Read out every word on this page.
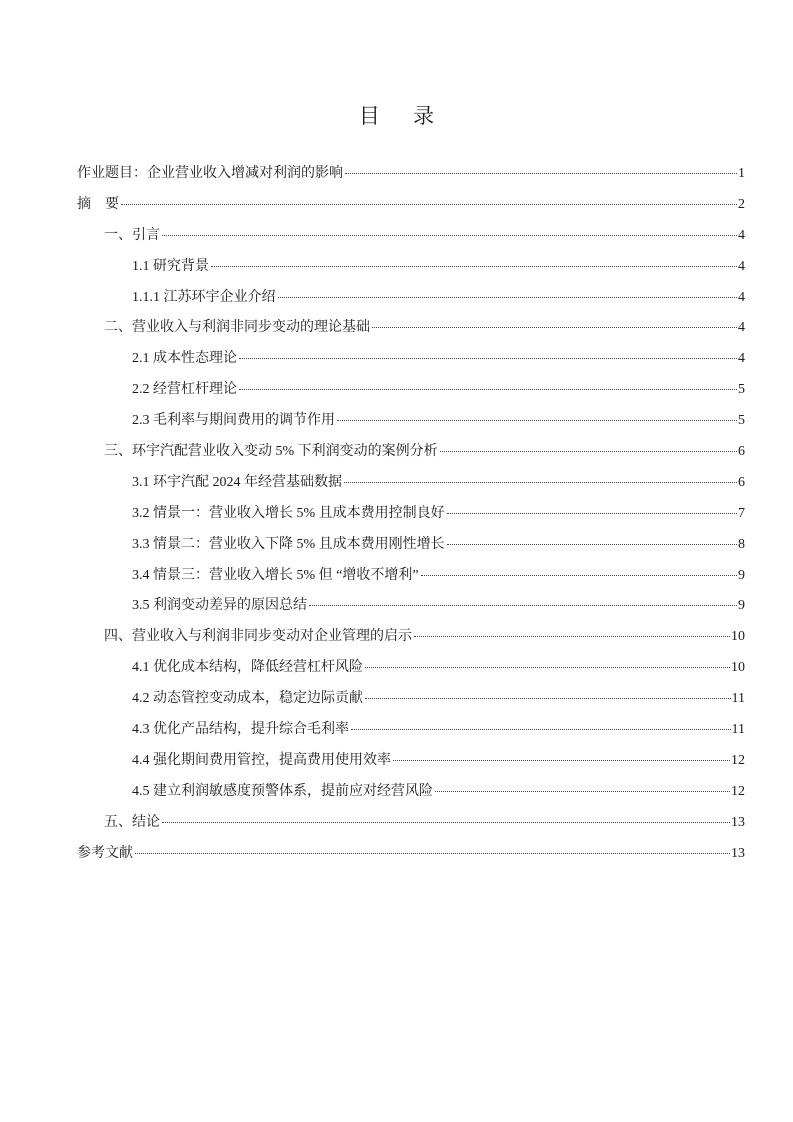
目 录
作业题目：企业营业收入增减对利润的影响	1
摘　要	2
一、引言	4
1.1 研究背景	4
1.1.1 江苏环宇企业介绍	4
二、营业收入与利润非同步变动的理论基础	4
2.1 成本性态理论	4
2.2 经营杠杆理论	5
2.3 毛利率与期间费用的调节作用	5
三、环宇汽配营业收入变动 5% 下利润变动的案例分析	6
3.1 环宇汽配 2024 年经营基础数据	6
3.2 情景一：营业收入增长 5% 且成本费用控制良好	7
3.3 情景二：营业收入下降 5% 且成本费用刚性增长	8
3.4 情景三：营业收入增长 5% 但 “增收不增利”	9
3.5 利润变动差异的原因总结	9
四、营业收入与利润非同步变动对企业管理的启示	10
4.1 优化成本结构，降低经营杠杆风险	10
4.2 动态管控变动成本，稳定边际贡献	11
4.3 优化产品结构，提升综合毛利率	11
4.4 强化期间费用管控，提高费用使用效率	12
4.5 建立利润敏感度预警体系，提前应对经营风险	12
五、结论	13
参考文献	13
